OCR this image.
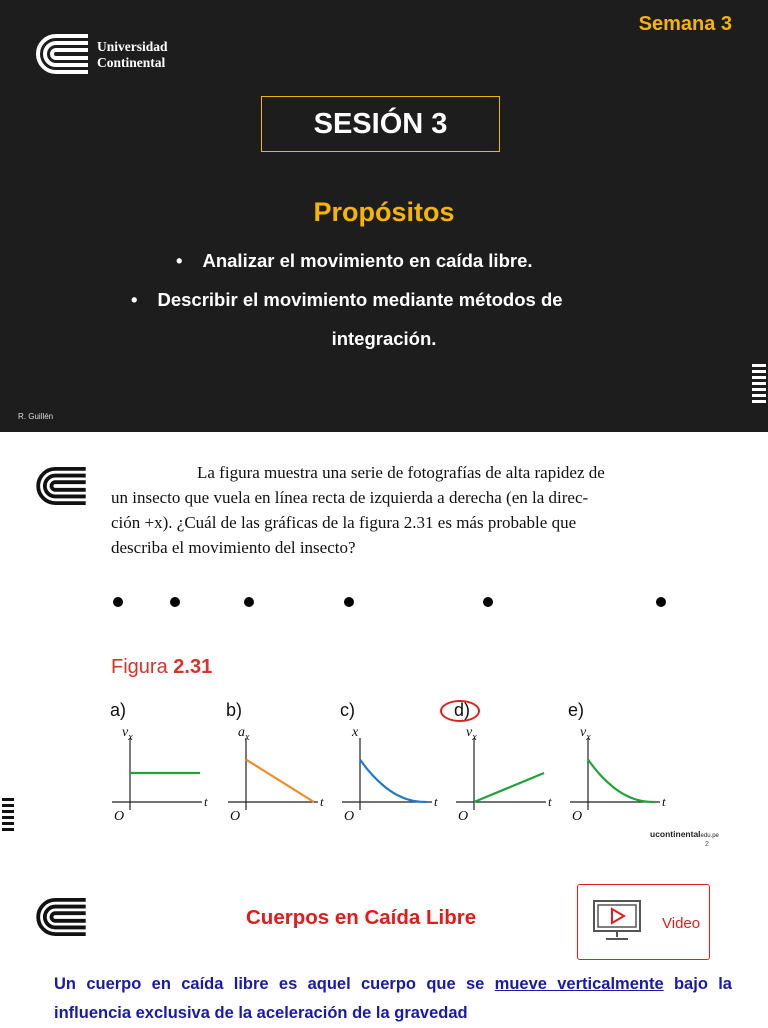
Semana 3
Universidad
Continental
SESIÓN 3
Propósitos
• Analizar el movimiento en caída libre.
• Describir el movimiento mediante métodos de
integración.
R. Guillén
La figura muestra una serie de fotografías de alta rapidez de
un insecto que vuela en línea recta de izquierda a derecha (en la direc-
ción +x). ¿Cuál de las gráficas de la figura 2.31 es más probable que
describa el movimiento del insecto?
Figura 2.31
a)
$v_x$
t
O
b)
$a_x$
t
O
c)
x
t
O
d)
$v_x$
t
O
e)
$v_x$
t
O
ucontinentaledu.pe
2
Cuerpos en Caída Libre	Video
Un cuerpo en caída libre es aquel cuerpo que se mueve verticalmente bajo la influencia exclusiva de la aceleración de la gravedad
